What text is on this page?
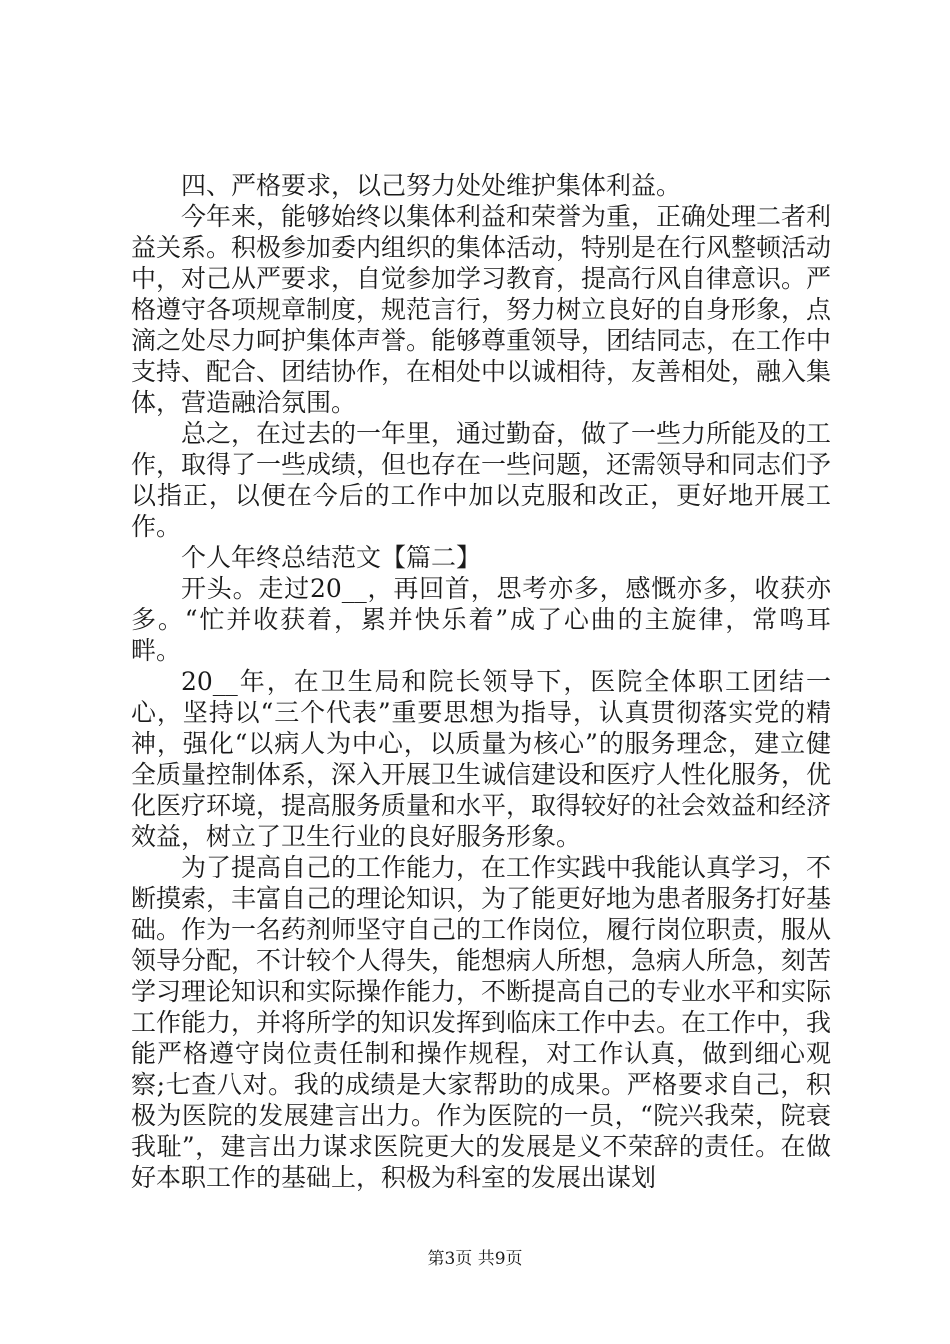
四、严格要求，以己努力处处维护集体利益。

今年来，能够始终以集体利益和荣誉为重，正确处理二者利益关系。积极参加委内组织的集体活动，特别是在行风整顿活动中，对己从严要求，自觉参加学习教育，提高行风自律意识。严格遵守各项规章制度，规范言行，努力树立良好的自身形象，点滴之处尽力呵护集体声誉。能够尊重领导，团结同志，在工作中支持、配合、团结协作，在相处中以诚相待，友善相处，融入集体，营造融洽氛围。

总之，在过去的一年里，通过勤奋，做了一些力所能及的工作，取得了一些成绩，但也存在一些问题，还需领导和同志们予以指正，以便在今后的工作中加以克服和改正，更好地开展工作。

个人年终总结范文【篇二】

开头。走过20__，再回首，思考亦多，感慨亦多，收获亦多。“忙并收获着，累并快乐着”成了心曲的主旋律，常鸣耳畔。

20__年，在卫生局和院长领导下，医院全体职工团结一心，坚持以“三个代表”重要思想为指导，认真贯彻落实党的精神，强化“以病人为中心，以质量为核心”的服务理念，建立健全质量控制体系，深入开展卫生诚信建设和医疗人性化服务，优化医疗环境，提高服务质量和水平，取得较好的社会效益和经济效益，树立了卫生行业的良好服务形象。

为了提高自己的工作能力，在工作实践中我能认真学习，不断摸索，丰富自己的理论知识，为了能更好地为患者服务打好基础。作为一名药剂师坚守自己的工作岗位，履行岗位职责，服从领导分配，不计较个人得失，能想病人所想，急病人所急，刻苦学习理论知识和实际操作能力，不断提高自己的专业水平和实际工作能力，并将所学的知识发挥到临床工作中去。在工作中，我能严格遵守岗位责任制和操作规程，对工作认真，做到细心观察;七查八对。我的成绩是大家帮助的成果。严格要求自己，积极为医院的发展建言出力。作为医院的一员，“院兴我荣，院衰我耻”，建言出力谋求医院更大的发展是义不荣辞的责任。在做好本职工作的基础上，积极为科室的发展出谋划

第3页 共9页
